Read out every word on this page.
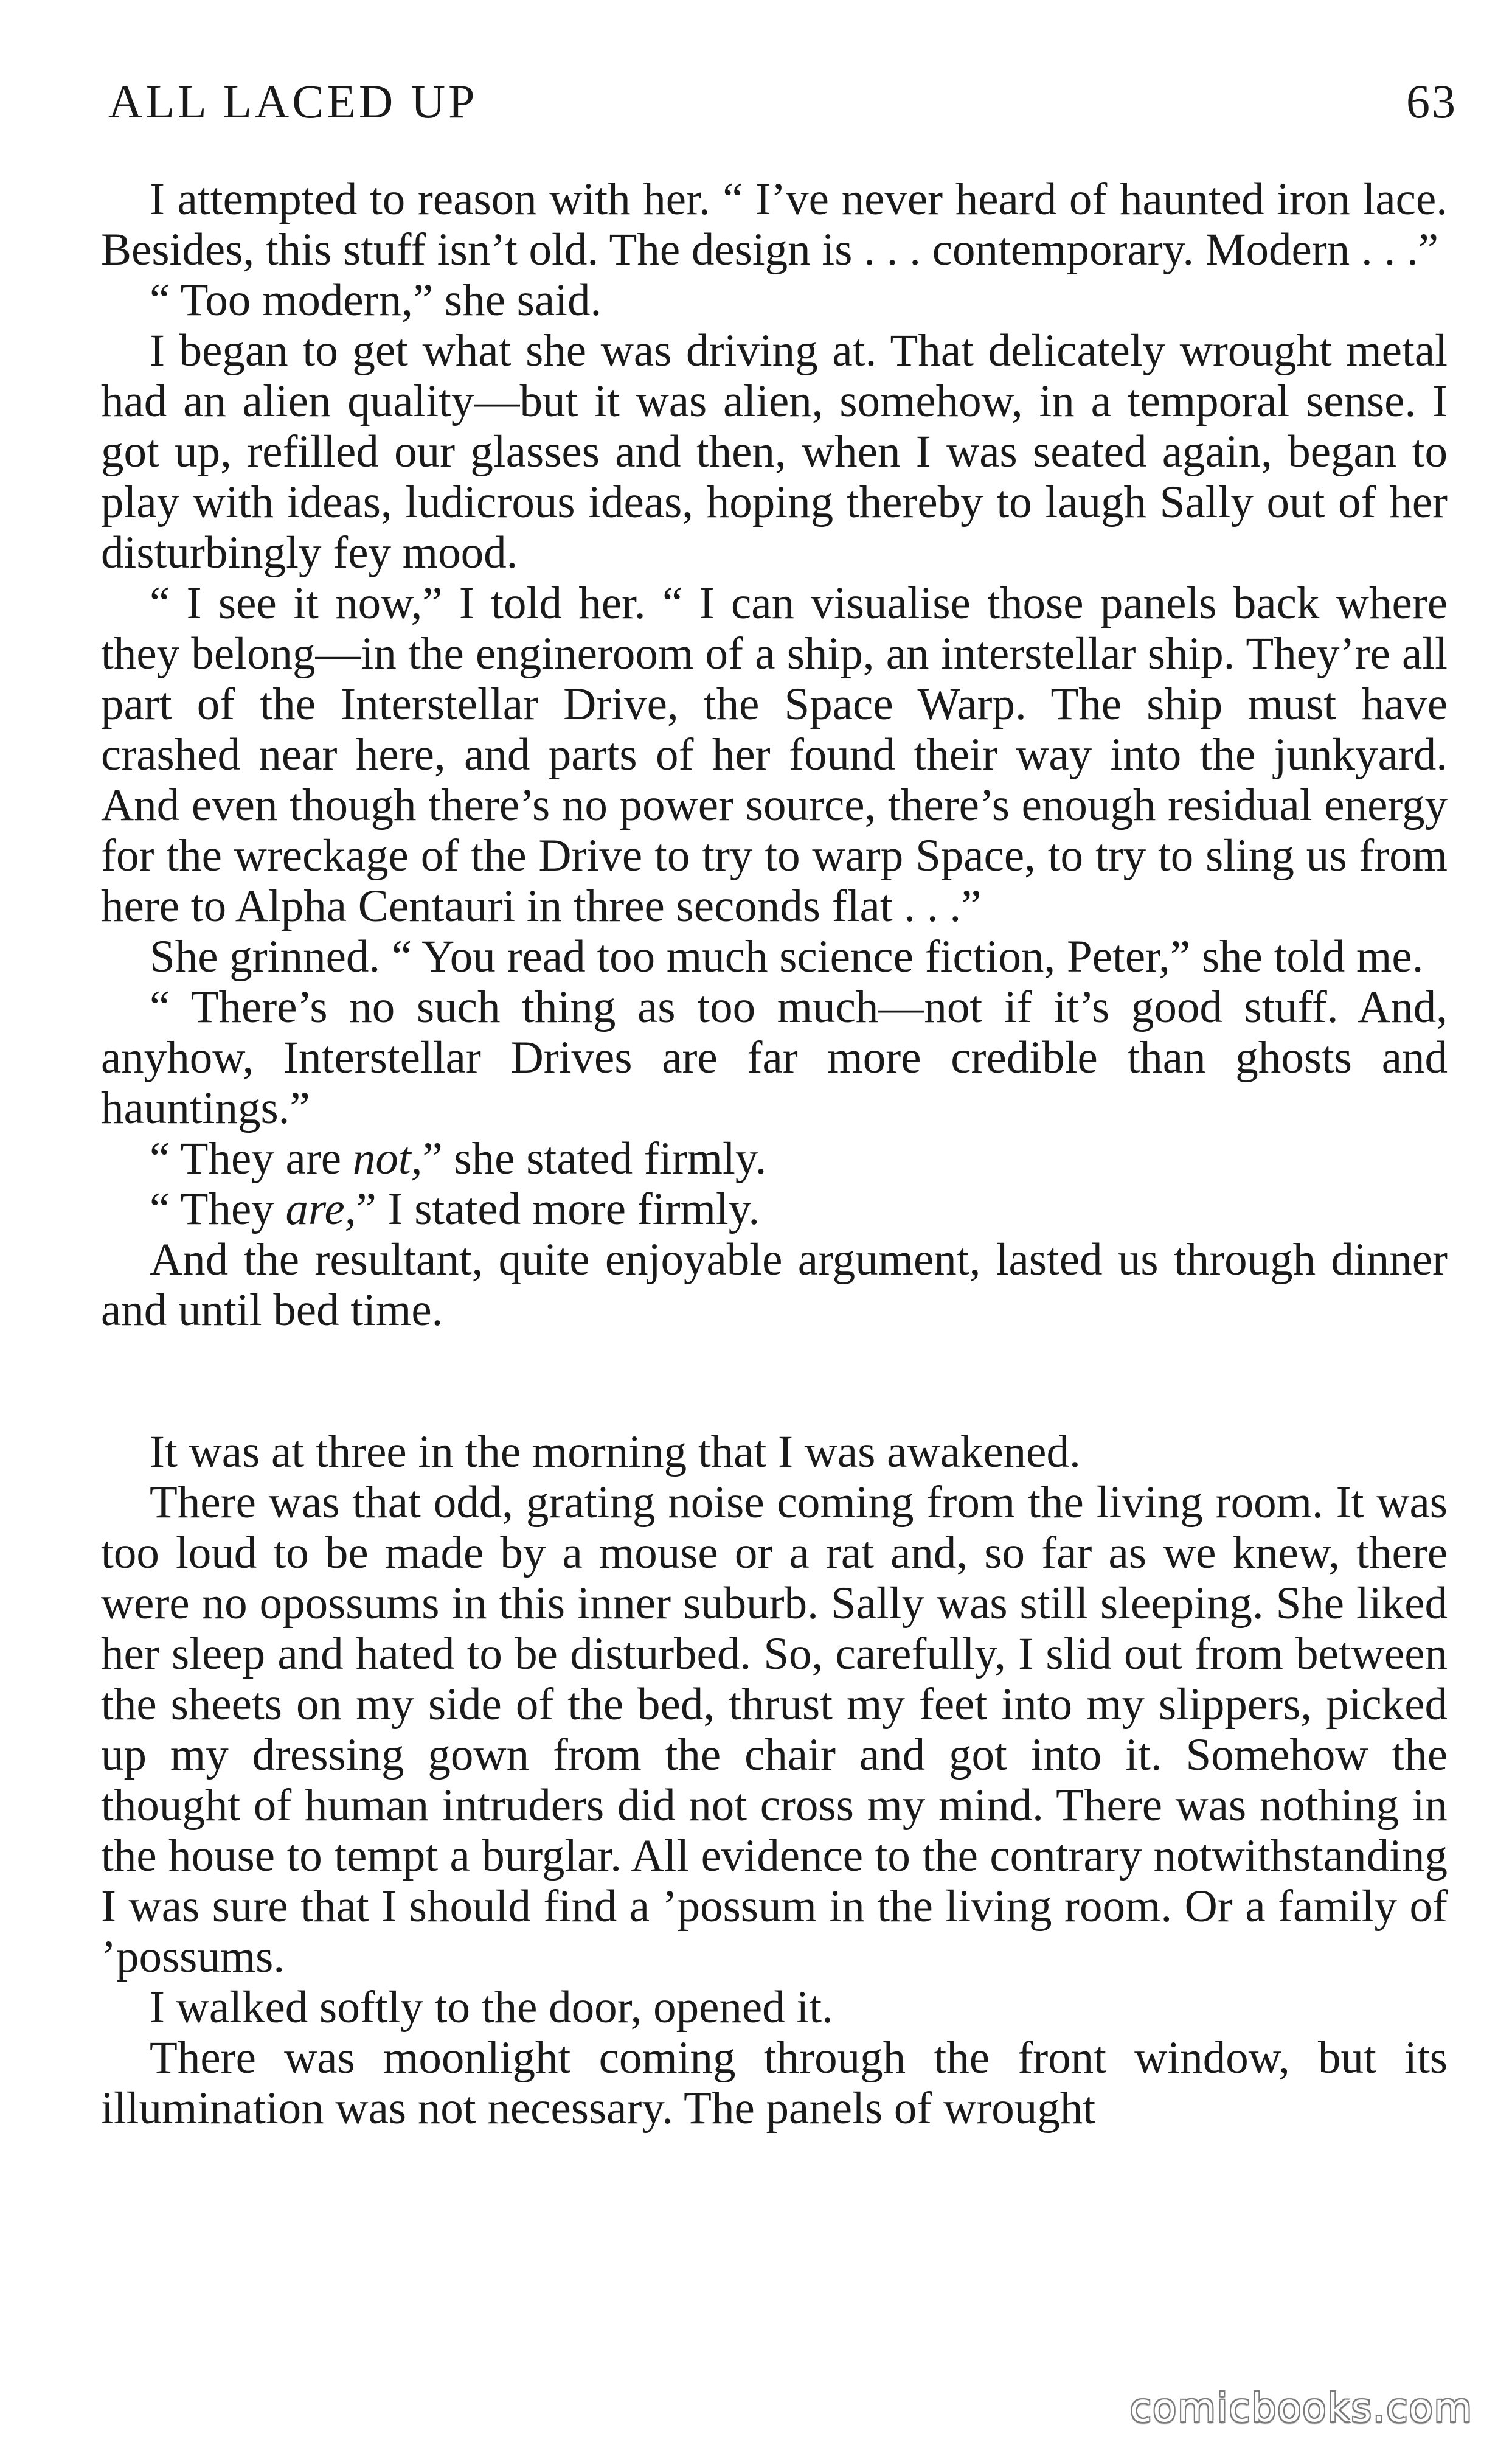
ALL LACED UP	63

I attempted to reason with her. “ I’ve never heard of haunted iron lace. Besides, this stuff isn’t old. The design is . . . contemporary. Modern . . .”

“ Too modern,” she said.

I began to get what she was driving at. That delicately wrought metal had an alien quality—but it was alien, somehow, in a temporal sense. I got up, refilled our glasses and then, when I was seated again, began to play with ideas, ludicrous ideas, hoping thereby to laugh Sally out of her disturbingly fey mood.

“ I see it now,” I told her. “ I can visualise those panels back where they belong—in the engineroom of a ship, an interstellar ship. They’re all part of the Interstellar Drive, the Space Warp. The ship must have crashed near here, and parts of her found their way into the junkyard. And even though there’s no power source, there’s enough residual energy for the wreckage of the Drive to try to warp Space, to try to sling us from here to Alpha Centauri in three seconds flat . . .”

She grinned. “ You read too much science fiction, Peter,” she told me.

“ There’s no such thing as too much—not if it’s good stuff. And, anyhow, Interstellar Drives are far more credible than ghosts and hauntings.”

“ They are not,” she stated firmly.

“ They are,” I stated more firmly.

And the resultant, quite enjoyable argument, lasted us through dinner and until bed time.

It was at three in the morning that I was awakened.

There was that odd, grating noise coming from the living room. It was too loud to be made by a mouse or a rat and, so far as we knew, there were no opossums in this inner suburb. Sally was still sleeping. She liked her sleep and hated to be disturbed. So, carefully, I slid out from between the sheets on my side of the bed, thrust my feet into my slippers, picked up my dressing gown from the chair and got into it. Somehow the thought of human intruders did not cross my mind. There was nothing in the house to tempt a burglar. All evidence to the contrary notwithstanding I was sure that I should find a ’possum in the living room. Or a family of ’possums.

I walked softly to the door, opened it.

There was moonlight coming through the front window, but its illumination was not necessary. The panels of wrought

comicbooks.com
